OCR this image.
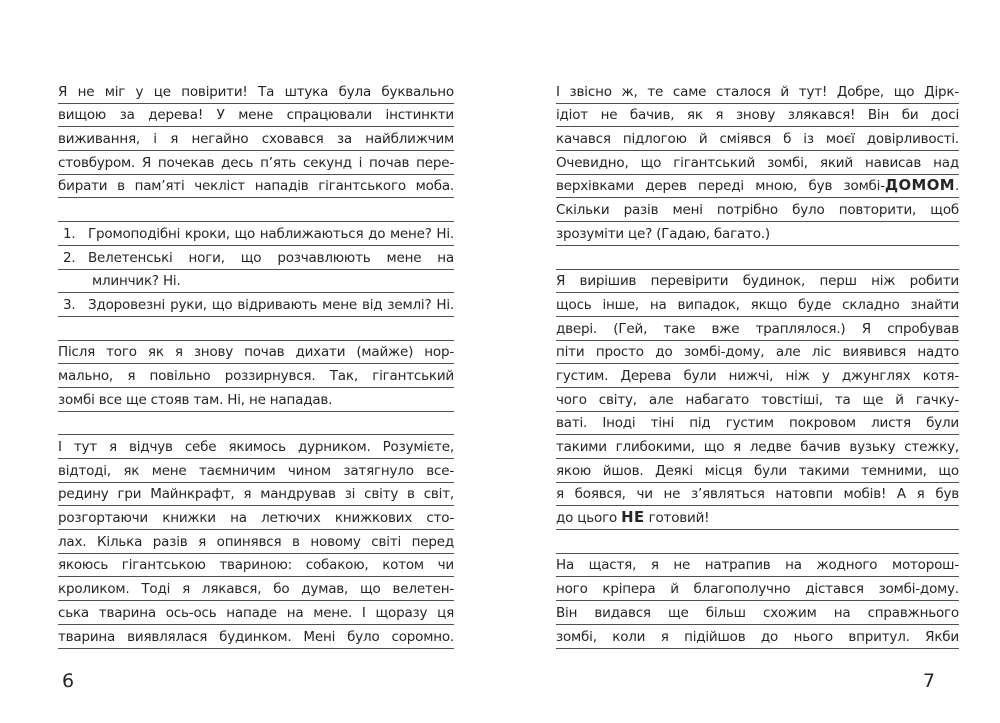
Я не міг у це повірити! Та штука була буквально
вищою за дерева! У мене спрацювали інстинкти
виживання, і я негайно сховався за найближчим
стовбуром. Я почекав десь п’ять секунд і почав пере-
бирати в пам’яті чекліст нападів гігантського моба.
1. Громоподібні кроки, що наближаються до мене? Ні.
2. Велетенські ноги, що розчавлюють мене на
млинчик? Ні.
3. Здоровезні руки, що відривають мене від землі? Ні.
Після того як я знову почав дихати (майже) нор-
мально, я повільно роззирнувся. Так, гігантський
зомбі все ще стояв там. Ні, не нападав.
І тут я відчув себе якимось дурником. Розумієте,
відтоді, як мене таємничим чином затягнуло все-
редину гри Майнкрафт, я мандрував зі світу в світ,
розгортаючи книжки на летючих книжкових сто-
лах. Кілька разів я опинявся в новому світі перед
якоюсь гігантською твариною: собакою, котом чи
кроликом. Тоді я лякався, бо думав, що велетен-
ська тварина ось-ось нападе на мене. І щоразу ця
тварина виявлялася будинком. Мені було соромно.
6
І звісно ж, те саме сталося й тут! Добре, що Дірк-
ідіот не бачив, як я знову злякався! Він би досі
качався підлогою й сміявся б із моєї довірливості.
Очевидно, що гігантський зомбі, який нависав над
верхівками дерев переді мною, був зомбі-ДОМОМ.
Скільки разів мені потрібно було повторити, щоб
зрозуміти це? (Гадаю, багато.)
Я вирішив перевірити будинок, перш ніж робити
щось інше, на випадок, якщо буде складно знайти
двері. (Гей, таке вже траплялося.) Я спробував
піти просто до зомбі-дому, але ліс виявився надто
густим. Дерева були нижчі, ніж у джунглях котя-
чого світу, але набагато товстіші, та ще й гачку-
ваті. Іноді тіні під густим покровом листя були
такими глибокими, що я ледве бачив вузьку стежку,
якою йшов. Деякі місця були такими темними, що
я боявся, чи не з’являться натовпи мобів! А я був
до цього НЕ готовий!
На щастя, я не натрапив на жодного моторош-
ного кріпера й благополучно дістався зомбі-дому.
Він видався ще більш схожим на справжнього
зомбі, коли я підійшов до нього впритул. Якби
7
